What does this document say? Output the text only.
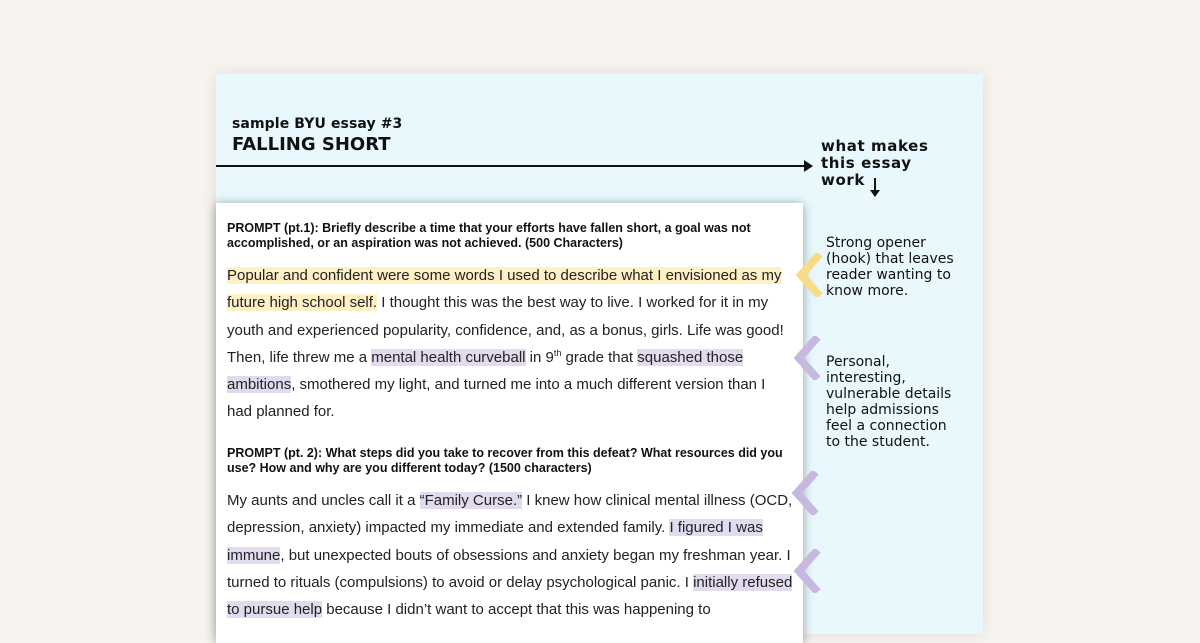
sample BYU essay #3
FALLING SHORT	what makes
this essay
work
Strong opener (hook) that leaves reader wanting to know more.
Personal, interesting, vulnerable details help admissions feel a connection to the student.
PROMPT (pt.1): Briefly describe a time that your efforts have fallen short, a goal was not accomplished, or an aspiration was not achieved. (500 Characters)
Popular and confident were some words I used to describe what I envisioned as my future high school self. I thought this was the best way to live. I worked for it in my youth and experienced popularity, confidence, and, as a bonus, girls. Life was good! Then, life threw me a mental health curveball in 9th grade that squashed those ambitions, smothered my light, and turned me into a much different version than I had planned for.
PROMPT (pt. 2): What steps did you take to recover from this defeat? What resources did you use? How and why are you different today? (1500 characters)
My aunts and uncles call it a “Family Curse.” I knew how clinical mental illness (OCD, depression, anxiety) impacted my immediate and extended family. I figured I was immune, but unexpected bouts of obsessions and anxiety began my freshman year. I turned to rituals (compulsions) to avoid or delay psychological panic. I initially refused to pursue help because I didn’t want to accept that this was happening to
